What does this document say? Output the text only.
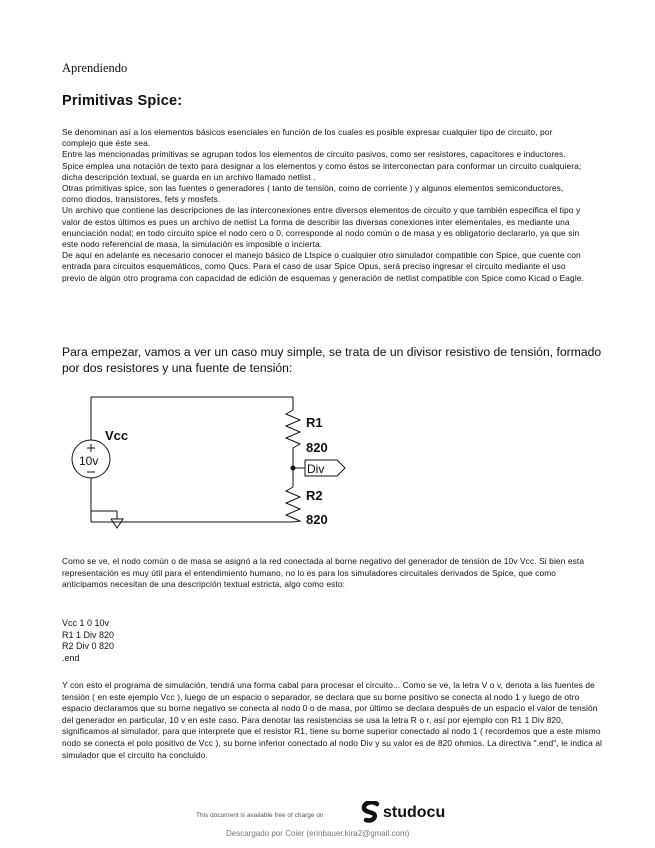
Aprendiendo
Primitivas Spice:

Se denominan así a los elementos básicos esenciales en función de los cuales es posible expresar cualquier tipo de circuito, por complejo que éste sea.

Entre las mencionadas primitivas se agrupan todos los elementos de circuito pasivos, como ser resistores, capacitores e inductores. Spice emplea una notación de texto para designar a los elementos y como éstos se interconectan para conformar un circuito cualquiera; dicha descripción textual, se guarda en un archivo llamado netlist .

Otras primitivas spice, son las fuentes o generadores ( tanto de tensión, como de corriente ) y algunos elementos semiconductores, como diodos, transistores, fets y mosfets.

Un archivo que contiene las descripciones de las interconexiones entre diversos elementos de circuito y que también especifica el tipo y valor de estos últimos es pues un archivo de netlist La forma de describir las diversas conexiones inter elementales, es mediante una enunciación nodal; en todo circuito spice el nodo cero o 0, corresponde al nodo común o de masa y es obligatorio declararlo, ya que sin este nodo referencial de masa, la simulación es imposible o incierta.

De aquí en adelante es necesario conocer el manejo básico de Ltspice o cualquier otro simulador compatible con Spice, que cuente con entrada para circuitos esquemáticos, como Qucs. Para el caso de usar Spice Opus, será preciso ingresar el circuito mediante el uso previo de algún otro programa con capacidad de edición de esquemas y generación de netlist compatible con Spice como Kicad o Eagle.

Para empezar, vamos a ver un caso muy simple, se trata de un divisor resistivo de tensión, formado por dos resistores y una fuente de tensión:
Vcc
10v
R1
820
Div
R2
820
Como se ve, el nodo común o de masa se asignó a la red conectada al borne negativo del generador de tensión de 10v Vcc. Si bien esta representación es muy útil para el entendimiento humano, no lo es para los simuladores circuitales derivados de Spice, que como anticipamos necesitan de una descripción textual estricta, algo como esto:
Vcc 1 0 10v
R1 1 Div 820
R2 Div 0 820
.end
Y con esto el programa de simulación, tendrá una forma cabal para procesar el circuito... Como se ve, la letra V o v, denota a las fuentes de tensión ( en este ejemplo Vcc ), luego de un espacio o separador, se declara que su borne positivo se conecta al nodo 1 y luego de otro espacio declaramos que su borne negativo se conecta al nodo 0 o de masa, por último se declara después de un espacio el valor de tensión del generador en particular, 10 v en este caso. Para denotar las resistencias se usa la letra R o r, así por ejemplo con R1 1 Div 820, significamos al simulador, para que interprete que el resistor R1, tiene su borne superior conectado al nodo 1 ( recordemos que a este mismo nodo se conecta el polo positivo de Vcc ), su borne inferior conectado al nodo Div y su valor es de 820 ohmios. La directiva ".end", le indica al simulador que el circuito ha concluido.
This document is available free of charge on	studocu
Descargado por Coier (erinbauer.kira2@gmail.com)
